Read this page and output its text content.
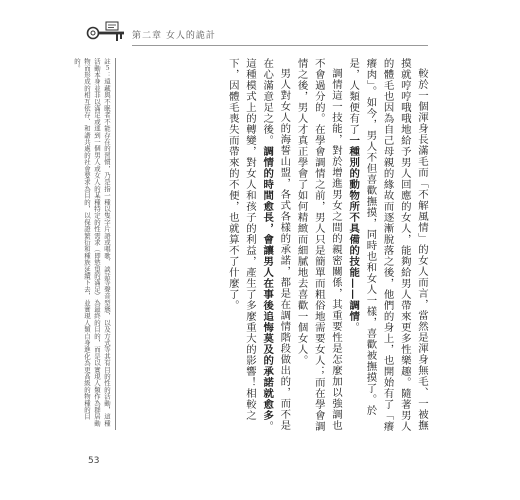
第二章 女人的詭計

較於一個渾身長滿毛而「不解風情」的女人而言，當然是渾身無毛、一被撫摸就哼哼哦哦地給予男人回應的女人，能夠給男人帶來更多性樂趣。隨著男人的體毛也因為自己母親的緣故而逐漸脫落之後，他們的身上，也開始有了「癢癢肉」。如今，男人不但喜歡撫摸，同時也和女人一樣，喜歡被撫摸了。於是，人類便有了一種別的動物所不具備的技能——調情。

調情這一技能，對於增進男女之間的親密關係，其重要性是怎麼加以強調也不會過分的。在學會調情之前，男人只是簡單而粗俗地需要女人；而在學會調情之後，男人才真正學會了如何精緻而細膩地去喜歡一個女人。

男人對女人的海誓山盟，各式各樣的承諾，都是在調情階段做出的，而不是在心滿意足之後。調情的時間愈長，會讓男人在事後追悔莫及的承諾就愈多。這種模式上的轉變，對女人和孩子的利益，產生了多麼重大的影響！相較之下，因體毛喪失而帶來的不便，也就算不了什麼了。

註５：遠藏與不眠者不能存在的習慣，乃是指一種以隻字片語或唱歌、談話等聲音型態，以及方式等其有目的性的活動，這種活動本身並非以滿足或達到一個男人或女人的某種特定的性需求（即慾望的滿足）為最終的目的，而是以實現人類作為群居動物而形成的相互依存、和諧共處的社會要求為目的，以保證繁衍和種族延續下去，並實現人類自身進化為更高級的物種的目的。
53
